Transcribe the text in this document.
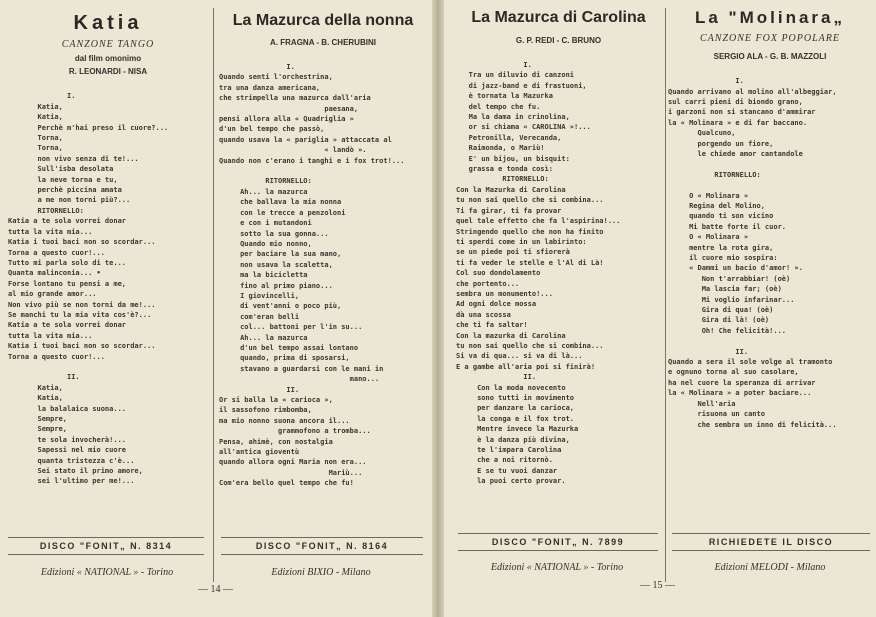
Katia
CANZONE TANGO
dal film omonimo
R. LEONARDI - NISA

I.
Katia,
Katia,
Perchè m'hai preso il cuore?...
Torna,
Torna,
non vivo senza di te!...
Sull'isba desolata
la neve torna e tu,
perchè piccina amata
a me non torni più?...
RITORNELLO:
Katia a te sola vorrei donar
tutta la vita mia...
Katia i tuoi baci non so scordar...
Torna a questo cuor!...
Tutto mi parla solo di te...
Quanta malinconia... •
Forse lontano tu pensi a me,
al mio grande amor...
Non vivo più se non torni da me!...
Se manchi tu la mia vita cos'è?...
Katia a te sola vorrei donar
tutta la vita mia...
Katia i tuoi baci non so scordar...
Torna a questo cuor!...

II.
Katia,
Katia,
la balalaica suona...
Sempre,
Sempre,
te sola invocherà!...
Sapessi nel mio cuore
quanta tristezza c'è...
Sei stato il primo amore,
sei l'ultimo per me!...
DISCO "FONIT„ N. 8314
Edizioni « NATIONAL » - Torino
La Mazurca della nonna
A. FRAGNA - B. CHERUBINI

I.
Quando senti l'orchestrina,
tra una danza americana,
che strimpella una mazurca dall'aria
paesana,
pensi allora alla « Quadriglia »
d'un bel tempo che passò,
quando usava la « pariglia » attaccata al
« landò ».
Quando non c'erano i tanghi e i fox trot!...

RITORNELLO:
Ah... la mazurca
che ballava la mia nonna
con le trecce a penzoloni
e con i mutandoni
sotto la sua gonna...
Quando mio nonno,
per baciare la sua mano,
non usava la scaletta,
ma la bicicletta
fino al primo piano...
I giovincelli,
di vent'anni o poco più,
com'eran belli
col... battoni per l'in su...
Ah... la mazurca
d'un bel tempo assai lontano
quando, prima di sposarsi,
stavano a guardarsi con le mani in
mano...
II.
Or si balla la « carioca »,
il sassofono rimbomba,
ma mio nonno suona ancora il...
grammofono a tromba...
Pensa, ahimè, con nostalgia
all'antica gioventù
quando allora ogni Maria non era...
Mariù...
Com'era bello quel tempo che fu!
DISCO "FONIT„ N. 8164
Edizioni BIXIO - Milano
— 14 —
La Mazurca di Carolina
G. P. REDI - C. BRUNO

I.
Tra un diluvio di canzoni
di jazz-band e di frastuoni,
è tornata la Mazurka
del tempo che fu.
Ma la dama in crinolina,
or si chiama « CAROLINA »!...
Petronilla, Verecanda,
Raimonda, o Mariù!
E' un bijou, un bisquit:
grassa e tonda così:
RITORNELLO:
Con la Mazurka di Carolina
tu non sai quello che si combina...
Ti fa girar, ti fa provar
quel tale effetto che fa l'aspirina!...
Stringendo quello che non ha finito
ti sperdi come in un labirinto:
se un piede poi ti sfiorerà
ti fa veder le stelle e l'Al di Là!
Col suo dondolamento
che portento...
sembra un monumento!...
Ad ogni dolce mossa
dà una scossa
che ti fa saltar!
Con la mazurka di Carolina
tu non sai quello che si combina...
Si va di qua... si va di là...
E a gambe all'aria poi si finirà!
II.
Con la moda novecento
sono tutti in movimento
per danzare la carioca,
la conga e il fox trot.
Mentre invece la Mazurka
è la danza più divina,
te l'impara Carolina
che a noi ritornò.
E se tu vuoi danzar
la puoi certo provar.
DISCO "FONIT„ N. 7899
Edizioni « NATIONAL » - Torino
La "Molinara„
CANZONE FOX POPOLARE
SERGIO ALA - G. B. MAZZOLI

I.
Quando arrivano al molino all'albeggiar,
sul carri pieni di biondo grano,
i garzoni non si stancano d'ammirar
la « Molinara » e di far baccano.
Qualcuno,
porgendo un fiore,
le chiede amor cantandole

RITORNELLO:

O « Molinara »
Regina del Molino,
quando ti son vicino
Mi batte forte il cuor.
O « Molinara »
mentre la rota gira,
il cuore mio sospira:
« Dammi un bacio d'amor! ».
Non t'arrabbiar! (oè)
Ma lascia far; (oè)
Mi voglio infarinar...
Gira di qua! (oè)
Gira di là! (oè)
Oh! Che felicità!...

II.
Quando a sera il sole volge al tramonto
e ognuno torna al suo casolare,
ha nel cuore la speranza di arrivar
la « Molinara » a poter baciare...
Nell'aria
risuona un canto
che sembra un inno di felicità...
RICHIEDETE IL DISCO
Edizioni MELODI - Milano
— 15 —
